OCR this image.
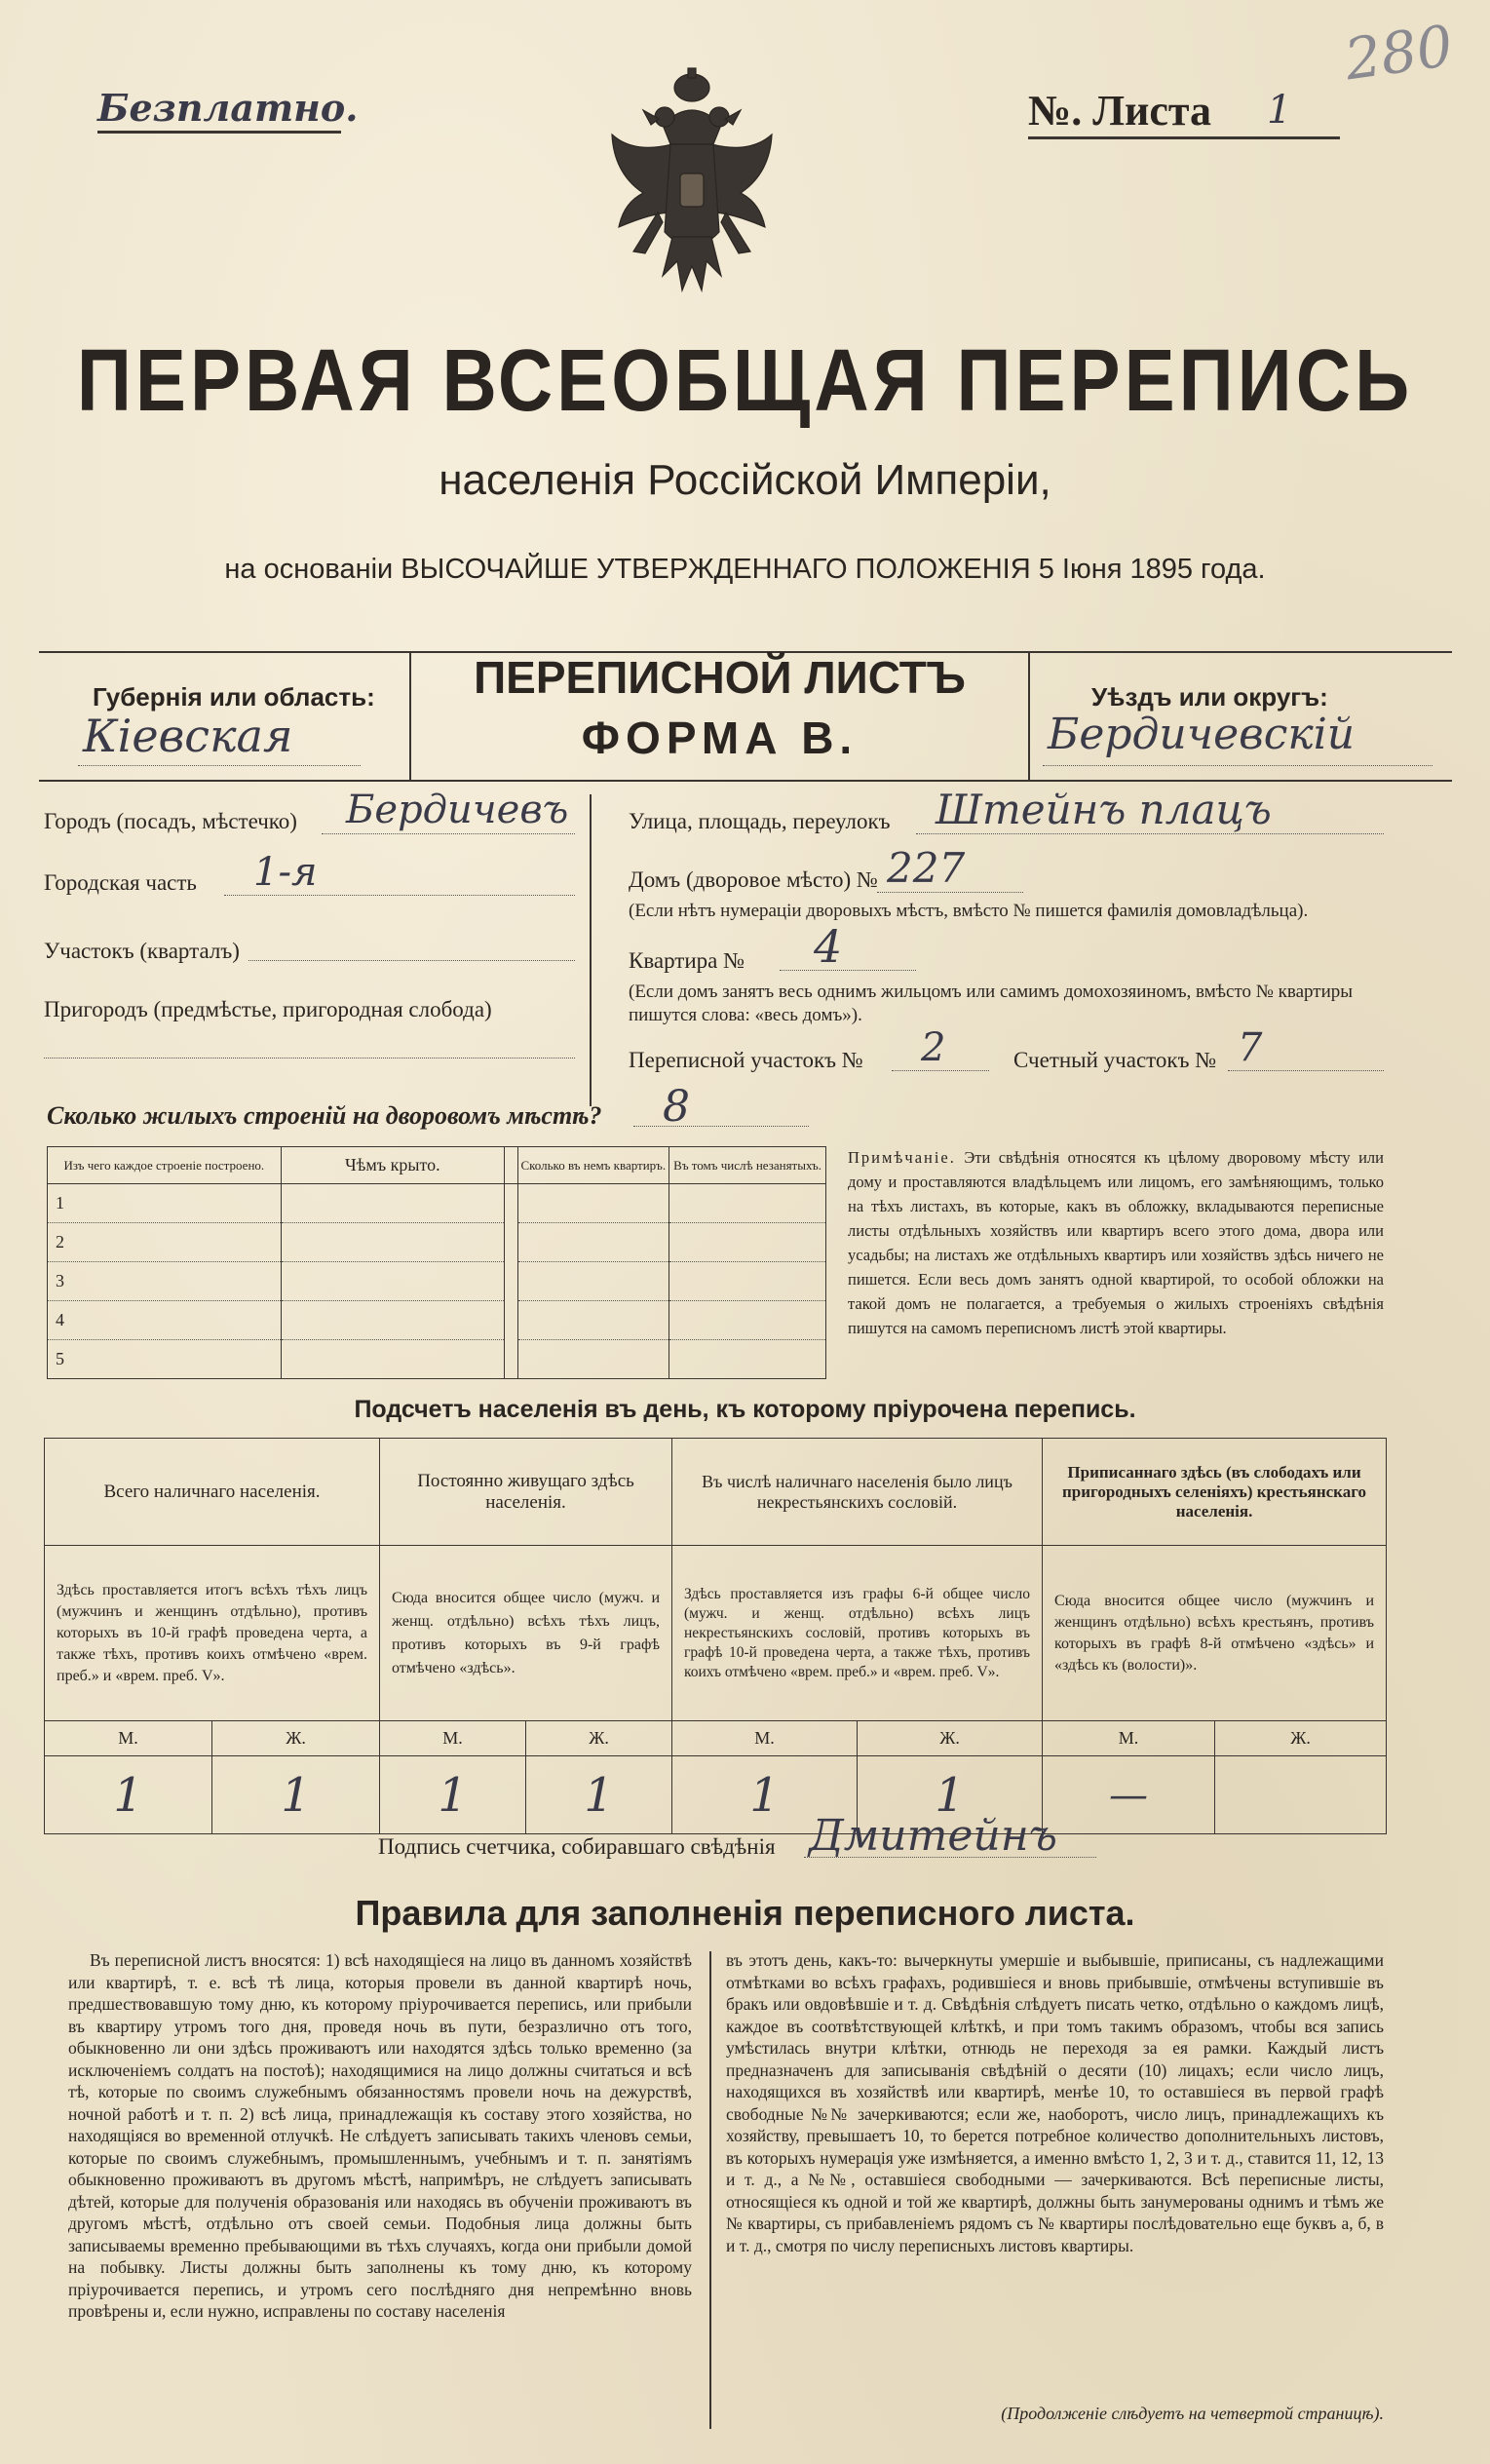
Безплатно.	№. Листа 1
280
ПЕРВАЯ ВСЕОБЩАЯ ПЕРЕПИСЬ
населенія Россійской Имперіи,
на основаніи ВЫСОЧАЙШЕ УТВЕРЖДЕННАГО ПОЛОЖЕНІЯ 5 Іюня 1895 года.
Губернія или область:
Кіевская
ПЕРЕПИСНОЙ ЛИСТЪ
ФОРМА В.
Уѣздъ или округъ:
Бердичевскій
Городъ (посадъ, мѣстечко) Бердичевъ
Городская часть 1-я
Участокъ (кварталъ)
Пригородъ (предмѣстье, пригородная слобода)
Улица, площадь, переулокъ Штейнъ плацъ
Домъ (дворовое мѣсто) № 227
(Если нѣтъ нумераціи дворовыхъ мѣстъ, вмѣсто № пишется фамилія домовладѣльца).
Квартира № 4
(Если домъ занятъ весь однимъ жильцомъ или самимъ домохозяиномъ, вмѣсто № квартиры пишутся слова: «весь домъ»).
Переписной участокъ № 2	Счетный участокъ № 7
Сколько жилыхъ строеній на дворовомъ мѣстѣ? 8
Изъ чего каждое строеніе построено.	Чѣмъ крыто.		Сколько въ немъ квартиръ.	Въ томъ числѣ незанятыхъ.
1				
2				
3				
4				
5				
Примѣчаніе. Эти свѣдѣнія относятся къ цѣлому дворовому мѣсту или дому и проставляются владѣльцемъ или лицомъ, его замѣняющимъ, только на тѣхъ листахъ, въ которые, какъ въ обложку, вкладываются переписные листы отдѣльныхъ хозяйствъ или квартиръ всего этого дома, двора или усадьбы; на листахъ же отдѣльныхъ квартиръ или хозяйствъ здѣсь ничего не пишется. Если весь домъ занятъ одной квартирой, то особой обложки на такой домъ не полагается, а требуемыя о жилыхъ строеніяхъ свѣдѣнія пишутся на самомъ переписномъ листѣ этой квартиры.
Подсчетъ населенія въ день, къ которому пріурочена перепись.
Всего наличнаго населенія.		Постоянно живущаго здѣсь населенія.		Въ числѣ наличнаго населенія было лицъ некрестьянскихъ сословій.		Приписаннаго здѣсь (въ слободахъ или пригородныхъ селеніяхъ) крестьянскаго населенія.	
Здѣсь проставляется итогъ всѣхъ тѣхъ лицъ (мужчинъ и женщинъ отдѣльно), противъ которыхъ въ 10-й графѣ проведена черта, а также тѣхъ, противъ коихъ отмѣчено «врем. преб.» и «врем. преб. V».		Сюда вносится общее число (мужч. и женщ. отдѣльно) всѣхъ тѣхъ лицъ, противъ которыхъ въ 9-й графѣ отмѣчено «здѣсь».		Здѣсь проставляется изъ графы 6-й общее число (мужч. и женщ. отдѣльно) всѣхъ лицъ некрестьянскихъ сословій, противъ которыхъ въ графѣ 10-й проведена черта, а также тѣхъ, противъ коихъ отмѣчено «врем. преб.» и «врем. преб. V».		Сюда вносится общее число (мужчинъ и женщинъ отдѣльно) всѣхъ крестьянъ, противъ которыхъ въ графѣ 8-й отмѣчено «здѣсь» и «здѣсь къ (волости)».	
М.	Ж.	М.	Ж.	М.	Ж.	М.	Ж.
1	1	1	1	1	1	—	
Подпись счетчика, собиравшаго свѣдѣнія Дмитейнъ
Правила для заполненія переписного листа.
Въ переписной листъ вносятся: 1) всѣ находящіеся на лицо въ данномъ хозяйствѣ или квартирѣ, т. е. всѣ тѣ лица, которыя провели въ данной квартирѣ ночь, предшествовавшую тому дню, къ которому пріурочивается перепись, или прибыли въ квартиру утромъ того дня, проведя ночь въ пути, безразлично отъ того, обыкновенно ли они здѣсь проживаютъ или находятся здѣсь только временно (за исключеніемъ солдатъ на постоѣ); находящимися на лицо должны считаться и всѣ тѣ, которые по своимъ служебнымъ обязанностямъ провели ночь на дежурствѣ, ночной работѣ и т. п. 2) всѣ лица, принадлежащія къ составу этого хозяйства, но находящіяся во временной отлучкѣ. Не слѣдуетъ записывать такихъ членовъ семьи, которые по своимъ служебнымъ, промышленнымъ, учебнымъ и т. п. занятіямъ обыкновенно проживаютъ въ другомъ мѣстѣ, напримѣръ, не слѣдуетъ записывать дѣтей, которые для полученія образованія или находясь въ обученіи проживаютъ въ другомъ мѣстѣ, отдѣльно отъ своей семьи. Подобныя лица должны быть записываемы временно пребывающими въ тѣхъ случаяхъ, когда они прибыли домой на побывку. Листы должны быть заполнены къ тому дню, къ которому пріурочивается перепись, и утромъ сего послѣдняго дня непремѣнно вновь провѣрены и, если нужно, исправлены по составу населенія
въ этотъ день, какъ-то: вычеркнуты умершіе и выбывшіе, приписаны, съ надлежащими отмѣтками во всѣхъ графахъ, родившіеся и вновь прибывшіе, отмѣчены вступившіе въ бракъ или овдовѣвшіе и т. д. Свѣдѣнія слѣдуетъ писать четко, отдѣльно о каждомъ лицѣ, каждое въ соотвѣтствующей клѣткѣ, и при томъ такимъ образомъ, чтобы вся запись умѣстилась внутри клѣтки, отнюдь не переходя за ея рамки. Каждый листъ предназначенъ для записыванія свѣдѣній о десяти (10) лицахъ; если число лицъ, находящихся въ хозяйствѣ или квартирѣ, менѣе 10, то оставшіеся въ первой графѣ свободные №№ зачеркиваются; если же, наоборотъ, число лицъ, принадлежащихъ къ хозяйству, превышаетъ 10, то берется потребное количество дополнительныхъ листовъ, въ которыхъ нумерація уже измѣняется, а именно вмѣсто 1, 2, 3 и т. д., ставится 11, 12, 13 и т. д., а №№, оставшіеся свободными — зачеркиваются. Всѣ переписные листы, относящіеся къ одной и той же квартирѣ, должны быть занумерованы однимъ и тѣмъ же № квартиры, съ прибавленіемъ рядомъ съ № квартиры послѣдовательно еще буквъ а, б, в и т. д., смотря по числу переписныхъ листовъ квартиры.
(Продолженіе слѣдуетъ на четвертой страницѣ).
